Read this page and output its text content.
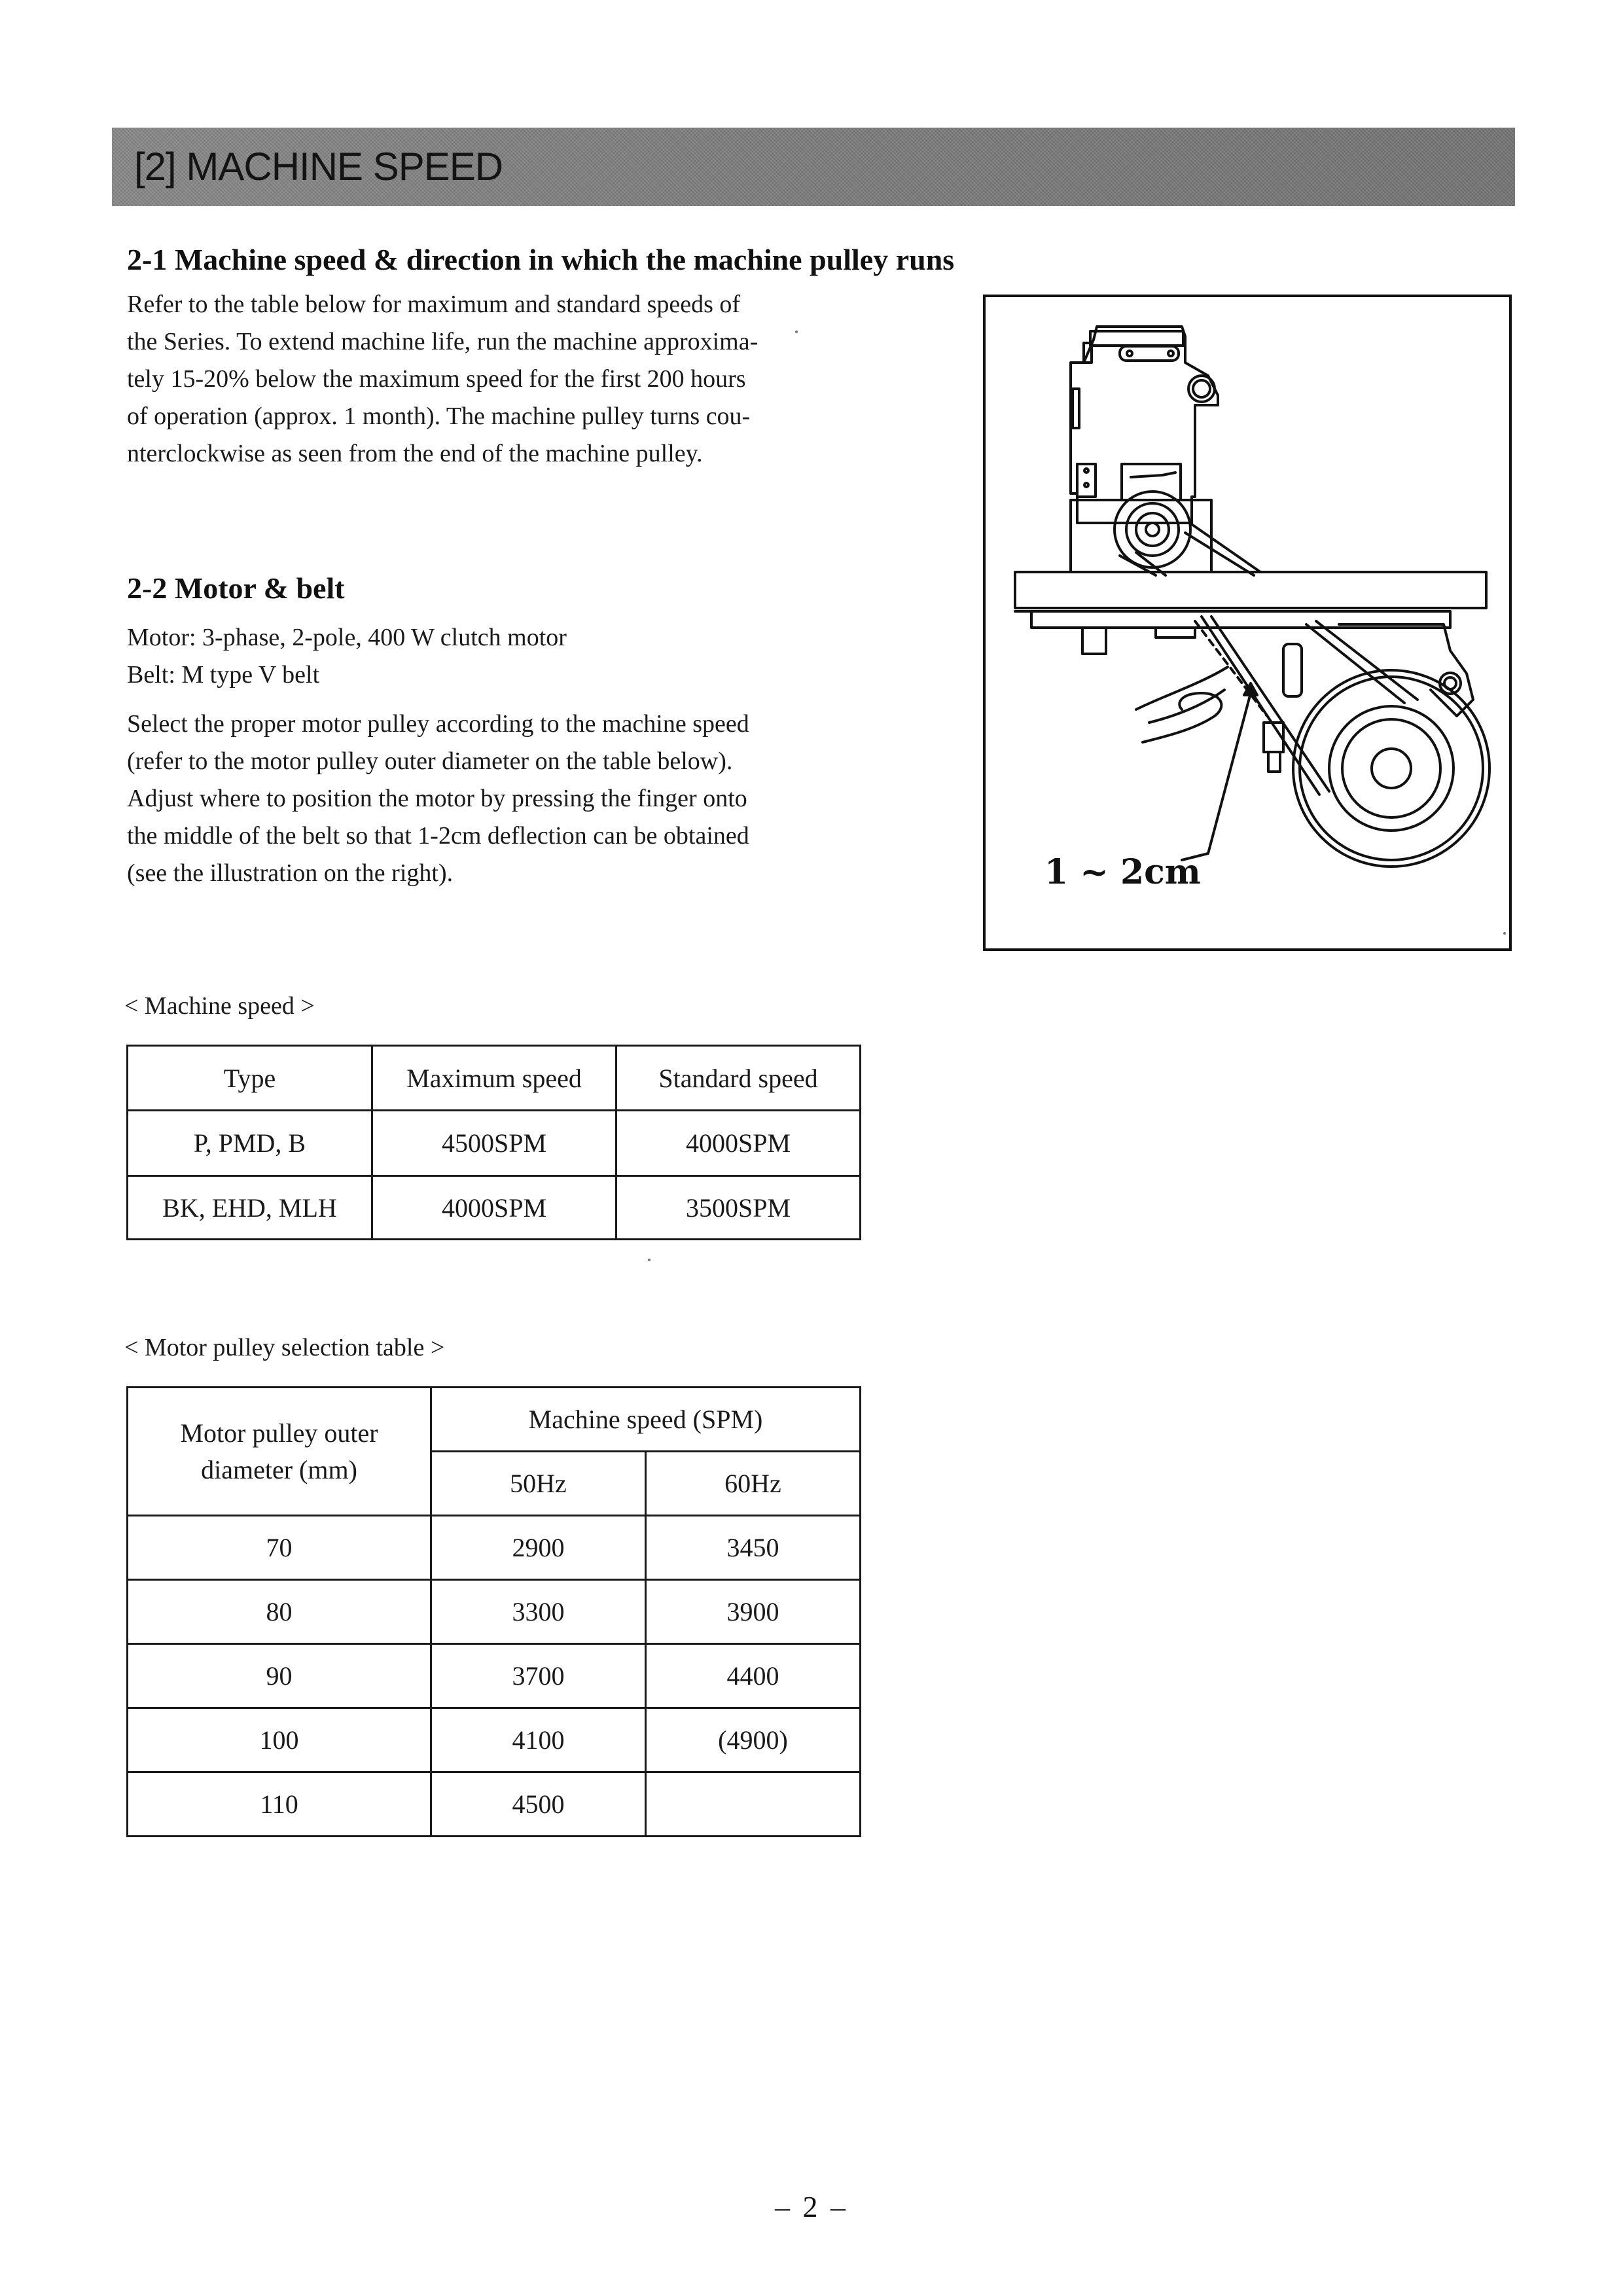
[2] MACHINE SPEED
2-1 Machine speed & direction in which the machine pulley runs
Refer to the table below for maximum and standard speeds of
the Series. To extend machine life, run the machine approxima-
tely 15-20% below the maximum speed for the first 200 hours
of operation (approx. 1 month). The machine pulley turns cou-
nterclockwise as seen from the end of the machine pulley.
2-2 Motor & belt
Motor: 3-phase, 2-pole, 400 W clutch motor
Belt: M type V belt
Select the proper motor pulley according to the machine speed
(refer to the motor pulley outer diameter on the table below).
Adjust where to position the motor by pressing the finger onto
the middle of the belt so that 1-2cm deflection can be obtained
(see the illustration on the right).	1 ~ 2cm
< Machine speed >
Type	Maximum speed	Standard speed
P, PMD, B	4500SPM	4000SPM
BK, EHD, MLH	4000SPM	3500SPM
< Motor pulley selection table >
Motor pulley outer
diameter (mm)	Machine speed (SPM)	
	50Hz	60Hz
70	2900	3450
80	3300	3900
90	3700	4400
100	4100	(4900)
110	4500	
– 2 –
